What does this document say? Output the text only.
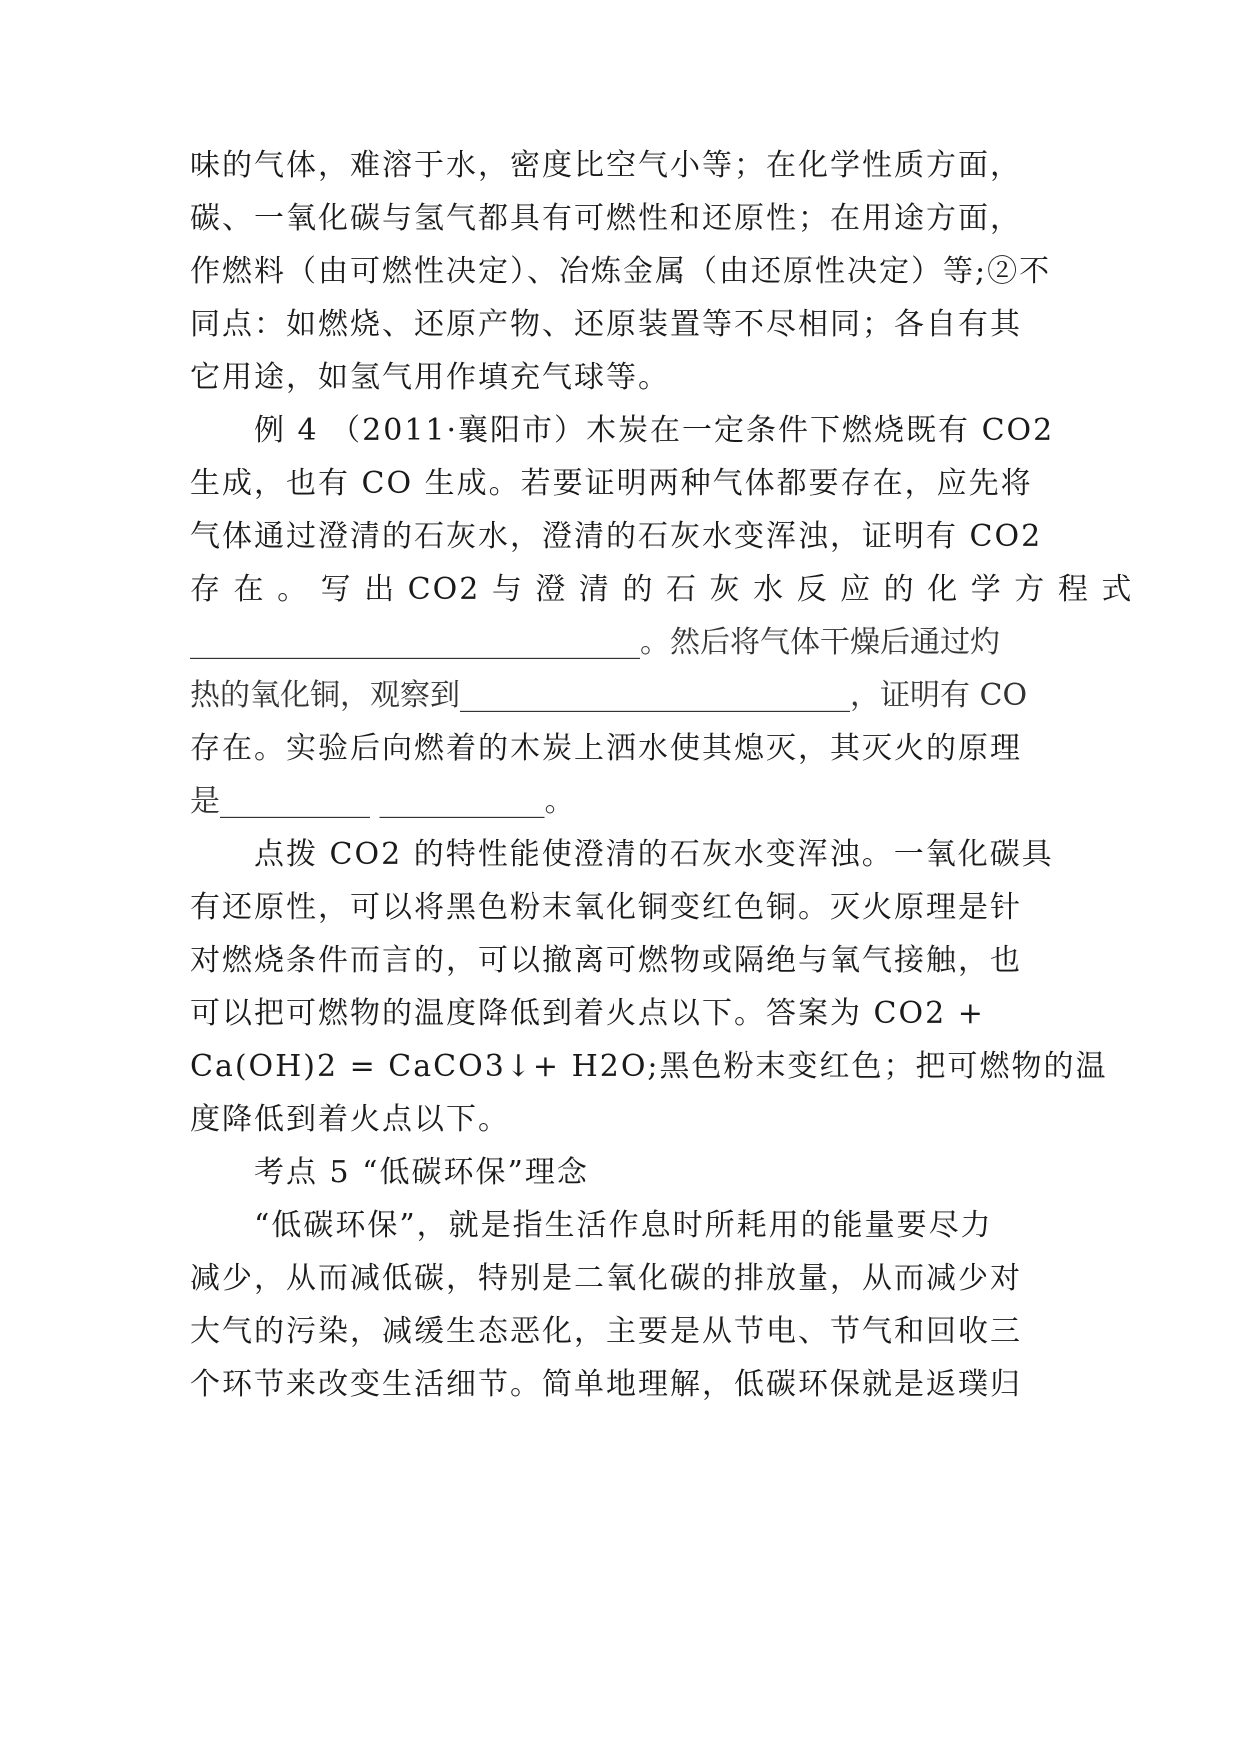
味的气体，难溶于水，密度比空气小等；在化学性质方面，
碳、一氧化碳与氢气都具有可燃性和还原性；在用途方面，
作燃料（由可燃性决定）、冶炼金属（由还原性决定）等;②不
同点：如燃烧、还原产物、还原装置等不尽相同；各自有其
它用途，如氢气用作填充气球等。
例 4 （2011·襄阳市）木炭在一定条件下燃烧既有 CO2
生成，也有 CO 生成。若要证明两种气体都要存在，应先将
气体通过澄清的石灰水，澄清的石灰水变浑浊，证明有 CO2
存 在 。 写 出 CO2 与 澄 清 的 石 灰 水 反 应 的 化 学 方 程 式
______________________________。然后将气体干燥后通过灼
热的氧化铜，观察到__________________________，证明有 CO
存在。实验后向燃着的木炭上洒水使其熄灭，其灭火的原理
是__________ ___________。
点拨 CO2 的特性能使澄清的石灰水变浑浊。一氧化碳具
有还原性，可以将黑色粉末氧化铜变红色铜。灭火原理是针
对燃烧条件而言的，可以撤离可燃物或隔绝与氧气接触，也
可以把可燃物的温度降低到着火点以下。答案为 CO2 +
Ca(OH)2 = CaCO3↓+ H2O;黑色粉末变红色；把可燃物的温
度降低到着火点以下。
考点 5 “低碳环保”理念
“低碳环保”，就是指生活作息时所耗用的能量要尽力
减少，从而减低碳，特别是二氧化碳的排放量，从而减少对
大气的污染，减缓生态恶化，主要是从节电、节气和回收三
个环节来改变生活细节。简单地理解，低碳环保就是返璞归
